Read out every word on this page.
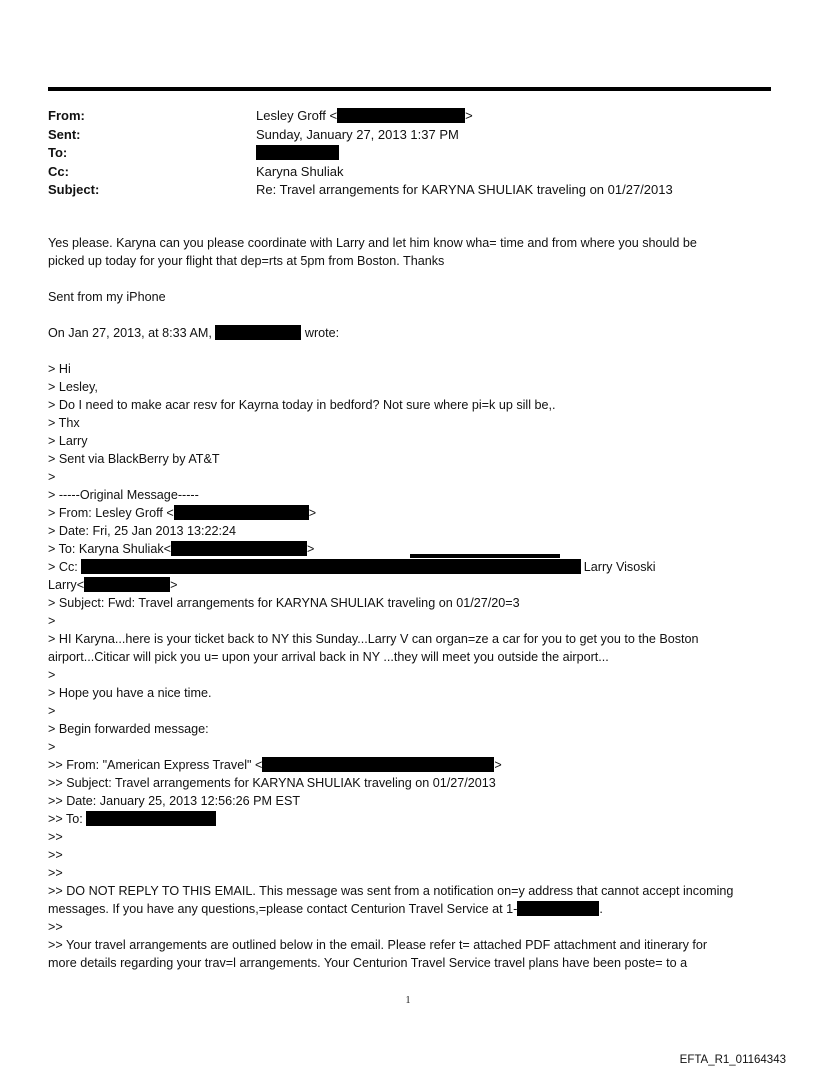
From:	Lesley Groff <	>
Sent:	Sunday, January 27, 2013 1:37 PM
To:
Cc:	Karyna Shuliak
Subject:	Re: Travel arrangements for KARYNA SHULIAK traveling on 01/27/2013
Yes please. Karyna can you please coordinate with Larry and let him know wha= time and from where you should be
picked up today for your flight that dep=rts at 5pm from Boston. Thanks
Sent from my iPhone
On Jan 27, 2013, at 8:33 AM,	wrote:
> Hi
> Lesley,
> Do I need to make acar resv for Kayrna today in bedford? Not sure where pi=k up sill be,.
> Thx
> Larry
> Sent via BlackBerry by AT&T
>
> -----Original Message-----
> From: Lesley Groff <	>
> Date: Fri, 25 Jan 2013 13:22:24
> To: Karyna Shuliak<	>
> Cc:	Larry Visoski
Larry<	>
> Subject: Fwd: Travel arrangements for KARYNA SHULIAK traveling on 01/27/20=3
>
> HI Karyna...here is your ticket back to NY this Sunday...Larry V can organ=ze a car for you to get you to the Boston
airport...Citicar will pick you u= upon your arrival back in NY ...they will meet you outside the airport...
>
> Hope you have a nice time.
>
> Begin forwarded message:
>
>> From: "American Express Travel" <	>
>> Subject: Travel arrangements for KARYNA SHULIAK traveling on 01/27/2013
>> Date: January 25, 2013 12:56:26 PM EST
>> To:
>>
>>
>>
>> DO NOT REPLY TO THIS EMAIL. This message was sent from a notification on=y address that cannot accept incoming
messages. If you have any questions,=please contact Centurion Travel Service at 1-	.
>>
>> Your travel arrangements are outlined below in the email. Please refer t= attached PDF attachment and itinerary for
more details regarding your trav=l arrangements. Your Centurion Travel Service travel plans have been poste= to a
1
EFTA_R1_01164343
